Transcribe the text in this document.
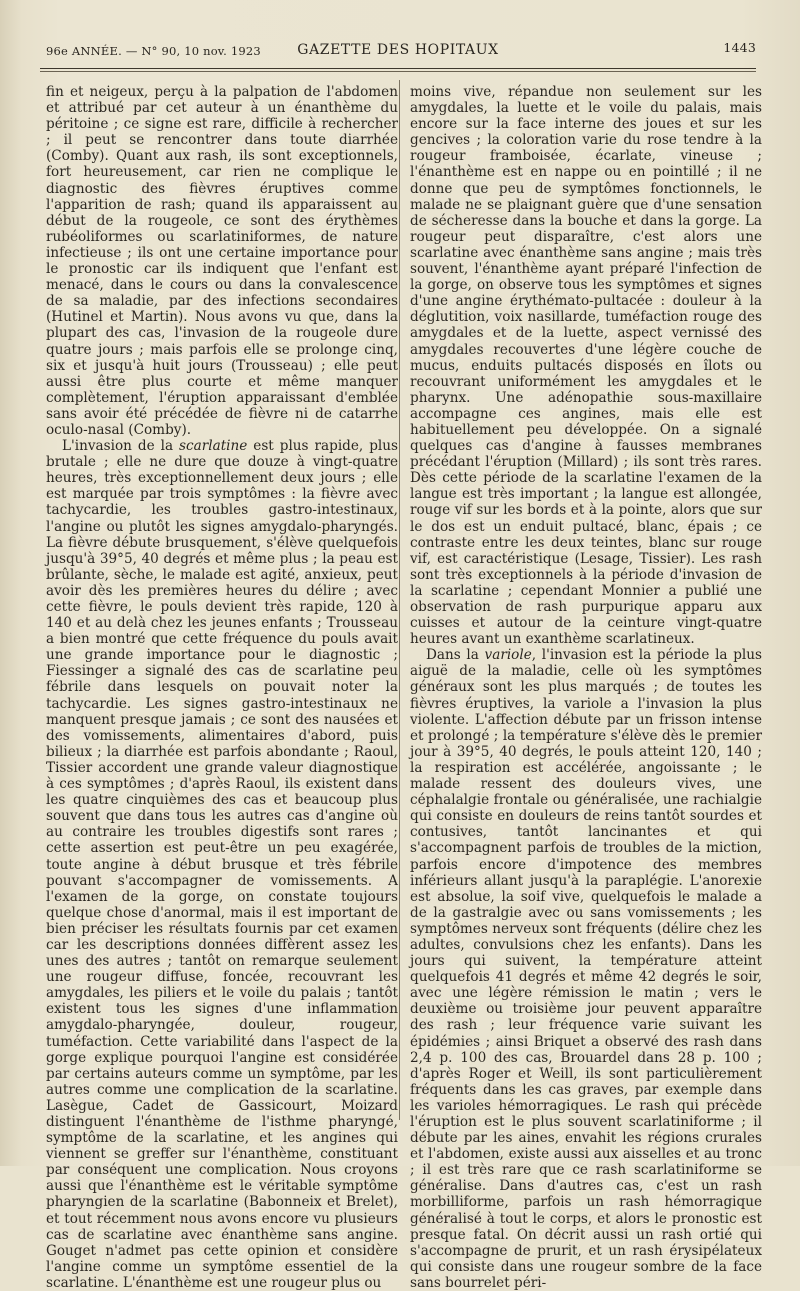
96e ANNÉE. — N° 90, 10 nov. 1923	GAZETTE DES HOPITAUX	1443

fin et neigeux, perçu à la palpation de l'abdomen et attribué par cet auteur à un énanthème du péritoine ; ce signe est rare, difficile à rechercher ; il peut se rencontrer dans toute diarrhée (Comby). Quant aux rash, ils sont exceptionnels, fort heureusement, car rien ne complique le diagnostic des fièvres éruptives comme l'apparition de rash; quand ils apparaissent au début de la rougeole, ce sont des érythèmes rubéoliformes ou scarlatiniformes, de nature infectieuse ; ils ont une certaine importance pour le pronostic car ils indiquent que l'enfant est menacé, dans le cours ou dans la convalescence de sa maladie, par des infections secondaires (Hutinel et Martin). Nous avons vu que, dans la plupart des cas, l'invasion de la rougeole dure quatre jours ; mais parfois elle se prolonge cinq, six et jusqu'à huit jours (Trousseau) ; elle peut aussi être plus courte et même manquer complètement, l'éruption apparaissant d'emblée sans avoir été précédée de fièvre ni de catarrhe oculo-nasal (Comby).

L'invasion de la scarlatine est plus rapide, plus brutale ; elle ne dure que douze à vingt-quatre heures, très exceptionnellement deux jours ; elle est marquée par trois symptômes : la fièvre avec tachycardie, les troubles gastro-intestinaux, l'angine ou plutôt les signes amygdalo-pharyngés. La fièvre débute brusquement, s'élève quelquefois jusqu'à 39°5, 40 degrés et même plus ; la peau est brûlante, sèche, le malade est agité, anxieux, peut avoir dès les premières heures du délire ; avec cette fièvre, le pouls devient très rapide, 120 à 140 et au delà chez les jeunes enfants ; Trousseau a bien montré que cette fréquence du pouls avait une grande importance pour le diagnostic ; Fiessinger a signalé des cas de scarlatine peu fébrile dans lesquels on pouvait noter la tachycardie. Les signes gastro-intestinaux ne manquent presque jamais ; ce sont des nausées et des vomissements, alimentaires d'abord, puis bilieux ; la diarrhée est parfois abondante ; Raoul, Tissier accordent une grande valeur diagnostique à ces symptômes ; d'après Raoul, ils existent dans les quatre cinquièmes des cas et beaucoup plus souvent que dans tous les autres cas d'angine où au contraire les troubles digestifs sont rares ; cette assertion est peut-être un peu exagérée, toute angine à début brusque et très fébrile pouvant s'accompagner de vomissements. A l'examen de la gorge, on constate toujours quelque chose d'anormal, mais il est important de bien préciser les résultats fournis par cet examen car les descriptions données diffèrent assez les unes des autres ; tantôt on remarque seulement une rougeur diffuse, foncée, recouvrant les amygdales, les piliers et le voile du palais ; tantôt existent tous les signes d'une inflammation amygdalo-pharyngée, douleur, rougeur, tuméfaction. Cette variabilité dans l'aspect de la gorge explique pourquoi l'angine est considérée par certains auteurs comme un symptôme, par les autres comme une complication de la scarlatine. Lasègue, Cadet de Gassicourt, Moizard distinguent l'énanthème de l'isthme pharyngé, symptôme de la scarlatine, et les angines qui viennent se greffer sur l'énanthème, constituant par conséquent une complication. Nous croyons aussi que l'énanthème est le véritable symptôme pharyngien de la scarlatine (Babonneix et Brelet), et tout récemment nous avons encore vu plusieurs cas de scarlatine avec énanthème sans angine. Gouget n'admet pas cette opinion et considère l'angine comme un symptôme essentiel de la scarlatine. L'énanthème est une rougeur plus ou

moins vive, répandue non seulement sur les amygdales, la luette et le voile du palais, mais encore sur la face interne des joues et sur les gencives ; la coloration varie du rose tendre à la rougeur framboisée, écarlate, vineuse ; l'énanthème est en nappe ou en pointillé ; il ne donne que peu de symptômes fonctionnels, le malade ne se plaignant guère que d'une sensation de sécheresse dans la bouche et dans la gorge. La rougeur peut disparaître, c'est alors une scarlatine avec énanthème sans angine ; mais très souvent, l'énanthème ayant préparé l'infection de la gorge, on observe tous les symptômes et signes d'une angine érythémato-pultacée : douleur à la déglutition, voix nasillarde, tuméfaction rouge des amygdales et de la luette, aspect vernissé des amygdales recouvertes d'une légère couche de mucus, enduits pultacés disposés en îlots ou recouvrant uniformément les amygdales et le pharynx. Une adénopathie sous-maxillaire accompagne ces angines, mais elle est habituellement peu développée. On a signalé quelques cas d'angine à fausses membranes précédant l'éruption (Millard) ; ils sont très rares. Dès cette période de la scarlatine l'examen de la langue est très important ; la langue est allongée, rouge vif sur les bords et à la pointe, alors que sur le dos est un enduit pultacé, blanc, épais ; ce contraste entre les deux teintes, blanc sur rouge vif, est caractéristique (Lesage, Tissier). Les rash sont très exceptionnels à la période d'invasion de la scarlatine ; cependant Monnier a publié une observation de rash purpurique apparu aux cuisses et autour de la ceinture vingt-quatre heures avant un exanthème scarlatineux.

Dans la variole, l'invasion est la période la plus aiguë de la maladie, celle où les symptômes généraux sont les plus marqués ; de toutes les fièvres éruptives, la variole a l'invasion la plus violente. L'affection débute par un frisson intense et prolongé ; la température s'élève dès le premier jour à 39°5, 40 degrés, le pouls atteint 120, 140 ; la respiration est accélérée, angoissante ; le malade ressent des douleurs vives, une céphalalgie frontale ou généralisée, une rachialgie qui consiste en douleurs de reins tantôt sourdes et contusives, tantôt lancinantes et qui s'accompagnent parfois de troubles de la miction, parfois encore d'impotence des membres inférieurs allant jusqu'à la paraplégie. L'anorexie est absolue, la soif vive, quelquefois le malade a de la gastralgie avec ou sans vomissements ; les symptômes nerveux sont fréquents (délire chez les adultes, convulsions chez les enfants). Dans les jours qui suivent, la température atteint quelquefois 41 degrés et même 42 degrés le soir, avec une légère rémission le matin ; vers le deuxième ou troisième jour peuvent apparaître des rash ; leur fréquence varie suivant les épidémies ; ainsi Briquet a observé des rash dans 2,4 p. 100 des cas, Brouardel dans 28 p. 100 ; d'après Roger et Weill, ils sont particulièrement fréquents dans les cas graves, par exemple dans les varioles hémorragiques. Le rash qui précède l'éruption est le plus souvent scarlatiniforme ; il débute par les aines, envahit les régions crurales et l'abdomen, existe aussi aux aisselles et au tronc ; il est très rare que ce rash scarlatiniforme se généralise. Dans d'autres cas, c'est un rash morbilliforme, parfois un rash hémorragique généralisé à tout le corps, et alors le pronostic est presque fatal. On décrit aussi un rash ortié qui s'accompagne de prurit, et un rash érysipélateux qui consiste dans une rougeur sombre de la face sans bourrelet péri-
